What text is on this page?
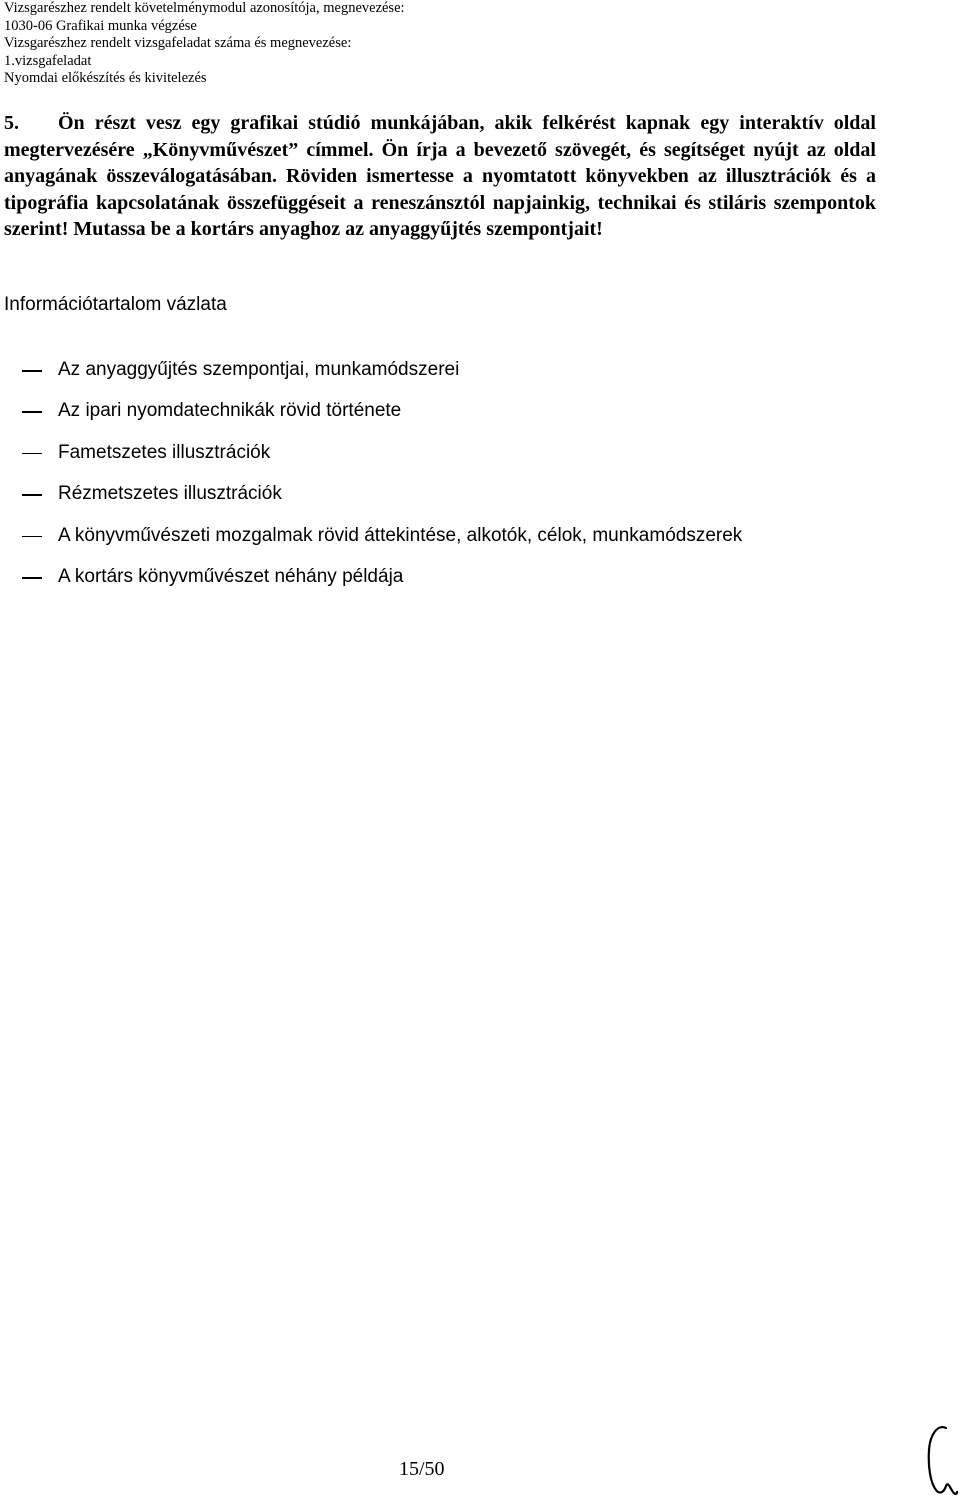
Vizsgarészhez rendelt követelménymodul azonosítója, megnevezése:
1030-06 Grafikai munka végzése
Vizsgarészhez rendelt vizsgafeladat száma és megnevezése:
1.vizsgafeladat
Nyomdai előkészítés és kivitelezés
5. Ön részt vesz egy grafikai stúdió munkájában, akik felkérést kapnak egy interaktív oldal megtervezésére „Könyvművészet” címmel. Ön írja a bevezető szövegét, és segítséget nyújt az oldal anyagának összeválogatásában. Röviden ismertesse a nyomtatott könyvekben az illusztrációk és a tipográfia kapcsolatának összefüggéseit a reneszánsztól napjainkig, technikai és stiláris szempontok szerint! Mutassa be a kortárs anyaghoz az anyaggyűjtés szempontjait!
Információtartalom vázlata
Az anyaggyűjtés szempontjai, munkamódszerei
Az ipari nyomdatechnikák rövid története
Fametszetes illusztrációk
Rézmetszetes illusztrációk
A könyvművészeti mozgalmak rövid áttekintése, alkotók, célok, munkamódszerek
A kortárs könyvművészet néhány példája
15/50
